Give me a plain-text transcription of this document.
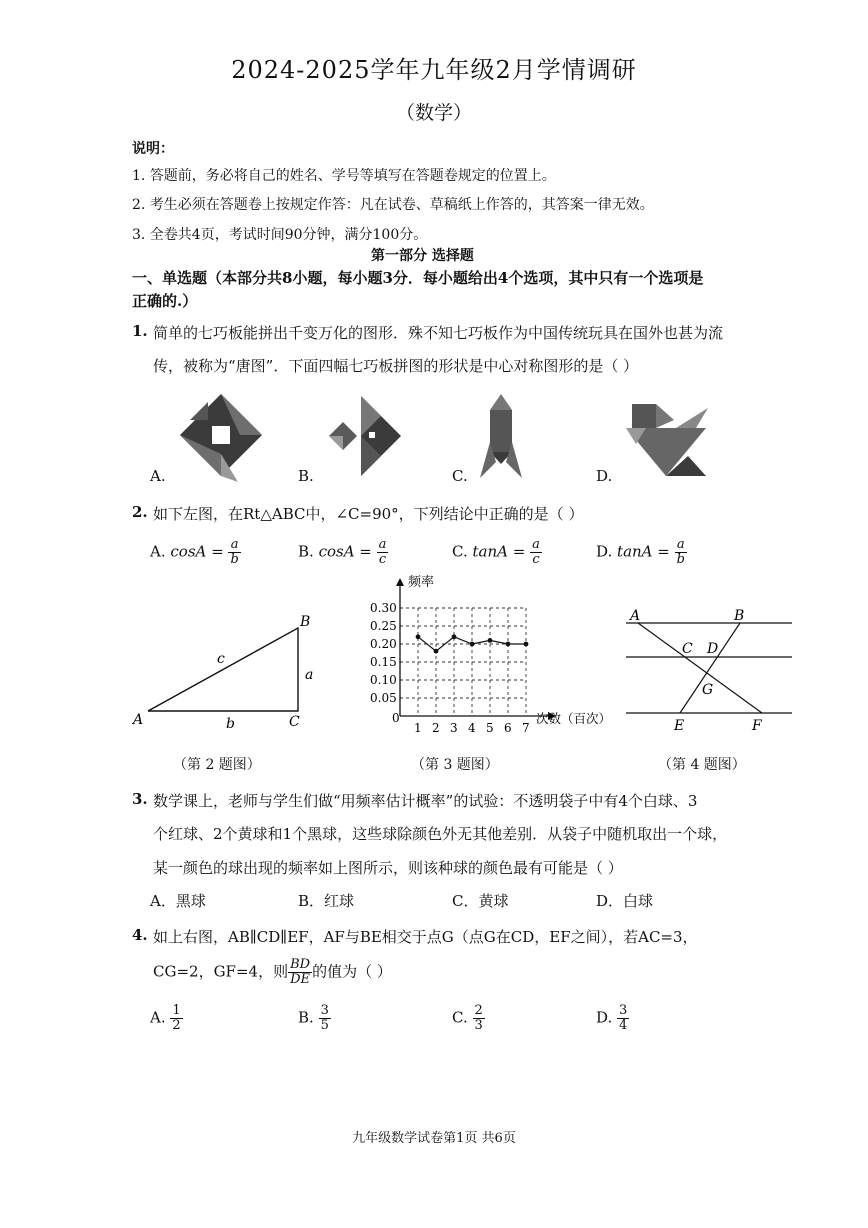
2024-2025学年九年级2月学情调研
（数学）
说明：
1. 答题前，务必将自己的姓名、学号等填写在答题卷规定的位置上。
2. 考生必须在答题卷上按规定作答：凡在试卷、草稿纸上作答的，其答案一律无效。
3. 全卷共4页，考试时间90分钟，满分100分。
第一部分 选择题
一、单选题（本部分共8小题，每小题3分．每小题给出4个选项，其中只有一个选项是
正确的.）
1. 简单的七巧板能拼出千变万化的图形．殊不知七巧板作为中国传统玩具在国外也甚为流
传，被称为“唐图”．下面四幅七巧板拼图的形状是中心对称图形的是（ ）
A.	B.	C.	D.
2. 如下左图，在Rt△ABC中，∠C=90°，下列结论中正确的是（ ）
A. $\cos A = \frac{a}{b}$	B. $\cos A = \frac{a}{c}$	C. $\tan A = \frac{a}{c}$	D. $\tan A = \frac{a}{b}$
A
B
C
a
b
c
（第 2 题图）
1 2 3 4 5 6 7
0.05
0.10
0.15
0.20
0.25
0.30
频率
次数（百次）
0
（第 3 题图）
A	B
C D
G
E	F
（第 4 题图）
3. 数学课上，老师与学生们做“用频率估计概率”的试验：不透明袋子中有4个白球、3
个红球、2个黄球和1个黑球，这些球除颜色外无其他差别．从袋子中随机取出一个球，
某一颜色的球出现的频率如上图所示，则该种球的颜色最有可能是（ ）
A．黑球	B．红球	C．黄球	D．白球
4. 如上右图，AB∥CD∥EF，AF与BE相交于点G（点G在CD，EF之间），若AC=3，
CG=2，GF=4，则 $\frac{BD}{DE}$ 的值为（ ）
A. $\frac{1}{2}$	B. $\frac{3}{5}$	C. $\frac{2}{3}$	D. $\frac{3}{4}$
九年级数学试卷第1页 共6页
